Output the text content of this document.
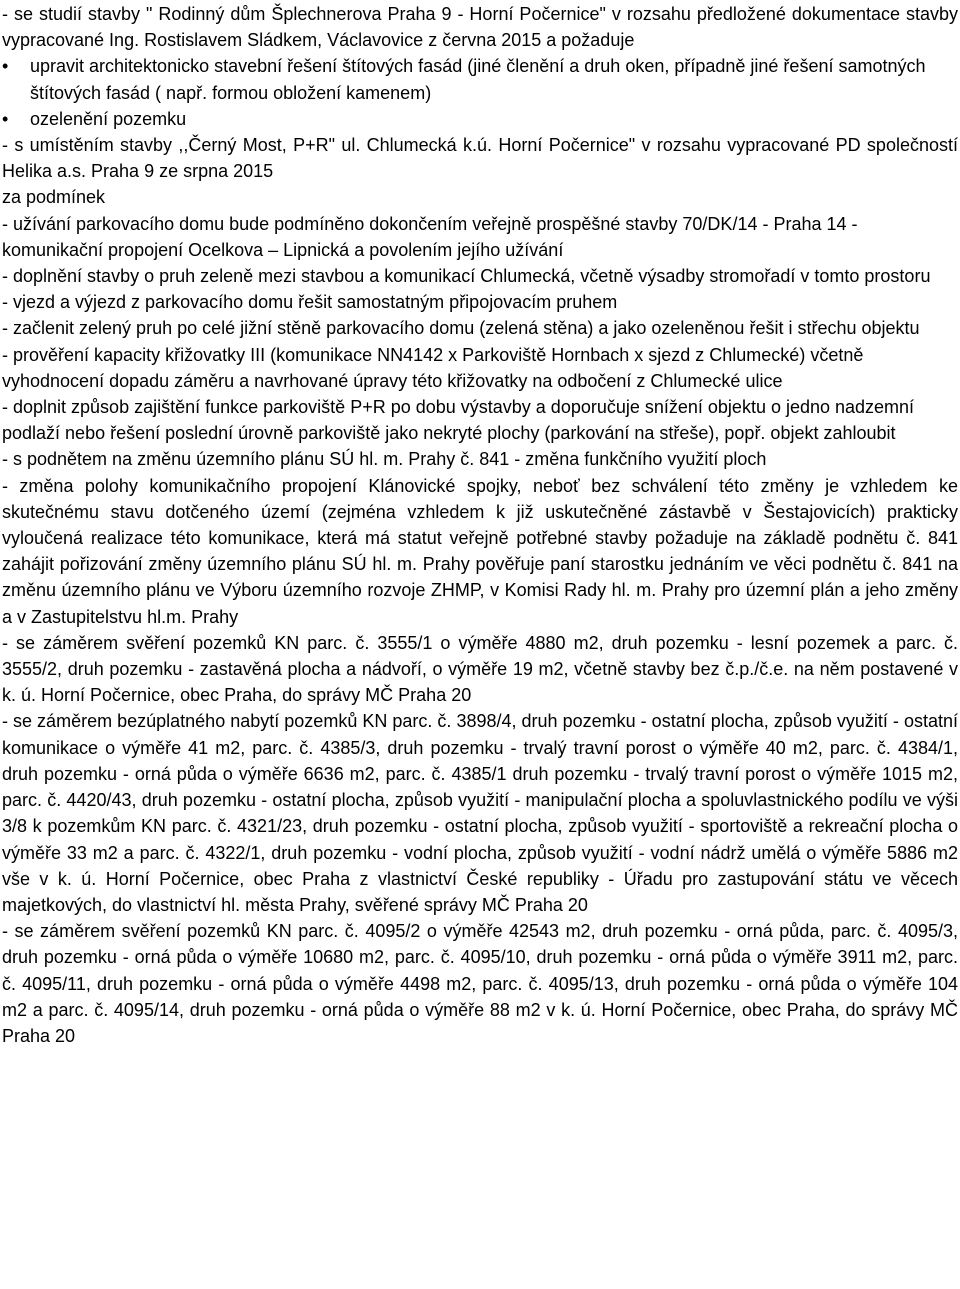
- se studií stavby " Rodinný dům Šplechnerova Praha 9 - Horní Počernice" v rozsahu předložené dokumentace stavby vypracované Ing. Rostislavem Sládkem, Václavovice z června 2015 a požaduje

•	upravit architektonicko stavební řešení štítových fasád (jiné členění a druh oken, případně jiné řešení samotných štítových fasád ( např. formou obložení kamenem)
•	ozelenění pozemku

- s umístěním stavby ,,Černý Most, P+R" ul. Chlumecká k.ú. Horní Počernice" v rozsahu vypracované PD společností Helika a.s. Praha 9 ze srpna 2015

za podmínek

- užívání parkovacího domu bude podmíněno dokončením veřejně prospěšné stavby 70/DK/14 - Praha 14 - komunikační propojení Ocelkova – Lipnická a povolením jejího užívání

- doplnění stavby o pruh zeleně mezi stavbou a komunikací Chlumecká, včetně výsadby stromořadí v tomto prostoru

- vjezd a výjezd z parkovacího domu řešit samostatným připojovacím pruhem

- začlenit zelený pruh po celé jižní stěně parkovacího domu (zelená stěna) a jako ozeleněnou řešit i střechu objektu

- prověření kapacity křižovatky III (komunikace NN4142 x Parkoviště Hornbach x sjezd z Chlumecké) včetně vyhodnocení dopadu záměru a navrhované úpravy této křižovatky na odbočení z Chlumecké ulice

- doplnit způsob zajištění funkce parkoviště P+R po dobu výstavby a doporučuje snížení objektu o jedno nadzemní podlaží nebo řešení poslední úrovně parkoviště jako nekryté plochy (parkování na střeše), popř. objekt zahloubit

- s podnětem na změnu územního plánu SÚ hl. m. Prahy č. 841 - změna funkčního využití ploch

- změna polohy komunikačního propojení Klánovické spojky, neboť bez schválení této změny je vzhledem ke skutečnému stavu dotčeného území (zejména vzhledem k již uskutečněné zástavbě v Šestajovicích) prakticky vyloučená realizace této komunikace, která má statut veřejně potřebné stavby požaduje na základě podnětu č. 841 zahájit pořizování změny územního plánu SÚ hl. m. Prahy pověřuje paní starostku jednáním ve věci podnětu č. 841 na změnu územního plánu ve Výboru územního rozvoje ZHMP, v Komisi Rady hl. m. Prahy pro územní plán a jeho změny a v Zastupitelstvu hl.m. Prahy

- se záměrem svěření pozemků KN parc. č. 3555/1 o výměře 4880 m2, druh pozemku - lesní pozemek a parc. č. 3555/2, druh pozemku - zastavěná plocha a nádvoří, o výměře 19 m2, včetně stavby bez č.p./č.e. na něm postavené v k. ú. Horní Počernice, obec Praha, do správy MČ Praha 20

- se záměrem bezúplatného nabytí pozemků KN parc. č. 3898/4, druh pozemku - ostatní plocha, způsob využití - ostatní komunikace o výměře 41 m2, parc. č. 4385/3, druh pozemku - trvalý travní porost o výměře 40 m2, parc. č. 4384/1, druh pozemku - orná půda o výměře 6636 m2, parc. č. 4385/1 druh pozemku - trvalý travní porost o výměře 1015 m2, parc. č. 4420/43, druh pozemku - ostatní plocha, způsob využití - manipulační plocha a spoluvlastnického podílu ve výši 3/8 k pozemkům KN parc. č. 4321/23, druh pozemku - ostatní plocha, způsob využití - sportoviště a rekreační plocha o výměře 33 m2 a parc. č. 4322/1, druh pozemku - vodní plocha, způsob využití - vodní nádrž umělá o výměře 5886 m2 vše v k. ú. Horní Počernice, obec Praha z vlastnictví České republiky - Úřadu pro zastupování státu ve věcech majetkových, do vlastnictví hl. města Prahy, svěřené správy MČ Praha 20

- se záměrem svěření pozemků KN parc. č. 4095/2 o výměře 42543 m2, druh pozemku - orná půda, parc. č. 4095/3, druh pozemku - orná půda o výměře 10680 m2, parc. č. 4095/10, druh pozemku - orná půda o výměře 3911 m2, parc. č. 4095/11, druh pozemku - orná půda o výměře 4498 m2, parc. č. 4095/13, druh pozemku - orná půda o výměře 104 m2 a parc. č. 4095/14, druh pozemku - orná půda o výměře 88 m2 v k. ú. Horní Počernice, obec Praha, do správy MČ Praha 20
